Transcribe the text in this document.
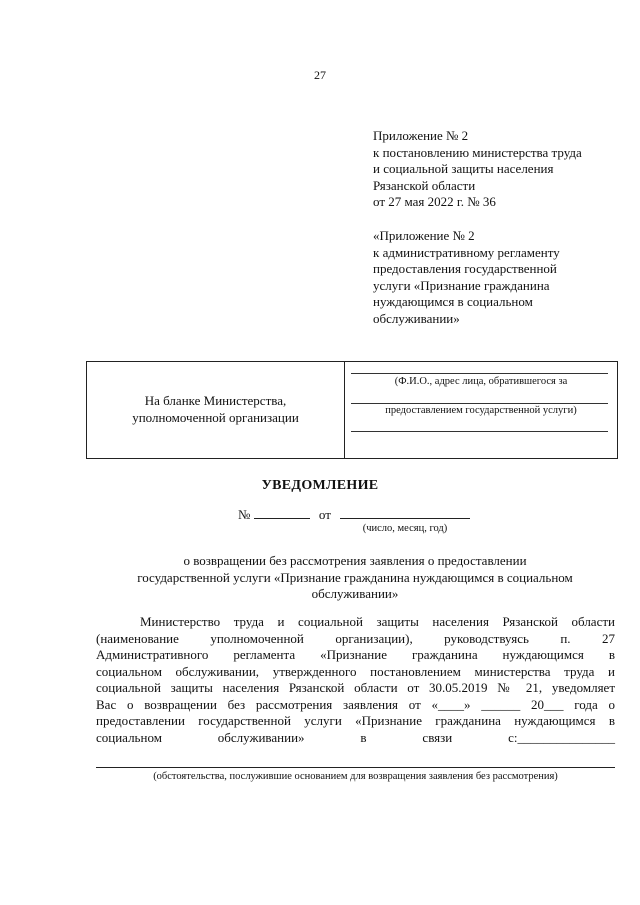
27
Приложение № 2
к постановлению министерства труда
и социальной защиты населения
Рязанской области
от 27 мая 2022 г. № 36
«Приложение № 2
к административному регламенту
предоставления государственной
услуги «Признание гражданина
нуждающимся в социальном
обслуживании»
На бланке Министерства,
уполномоченной организации
(Ф.И.О., адрес лица, обратившегося за
предоставлением государственной услуги)
УВЕДОМЛЕНИЕ
№	от
(число, месяц, год)
о возвращении без рассмотрения заявления о предоставлении
государственной услуги «Признание гражданина нуждающимся в социальном
обслуживании»
Министерство труда и социальной защиты населения Рязанской области
(наименование уполномоченной организации), руководствуясь п. 27
Административного регламента «Признание гражданина нуждающимся в
социальном обслуживании, утвержденного постановлением министерства труда и
социальной защиты населения Рязанской области от 30.05.2019 № 21, уведомляет
Вас о возвращении без рассмотрения заявления от «____» ______ 20___ года о
предоставлении государственной услуги «Признание гражданина нуждающимся в
социальном обслуживании» в связи с:_______________
(обстоятельства, послужившие основанием для возвращения заявления без рассмотрения)
